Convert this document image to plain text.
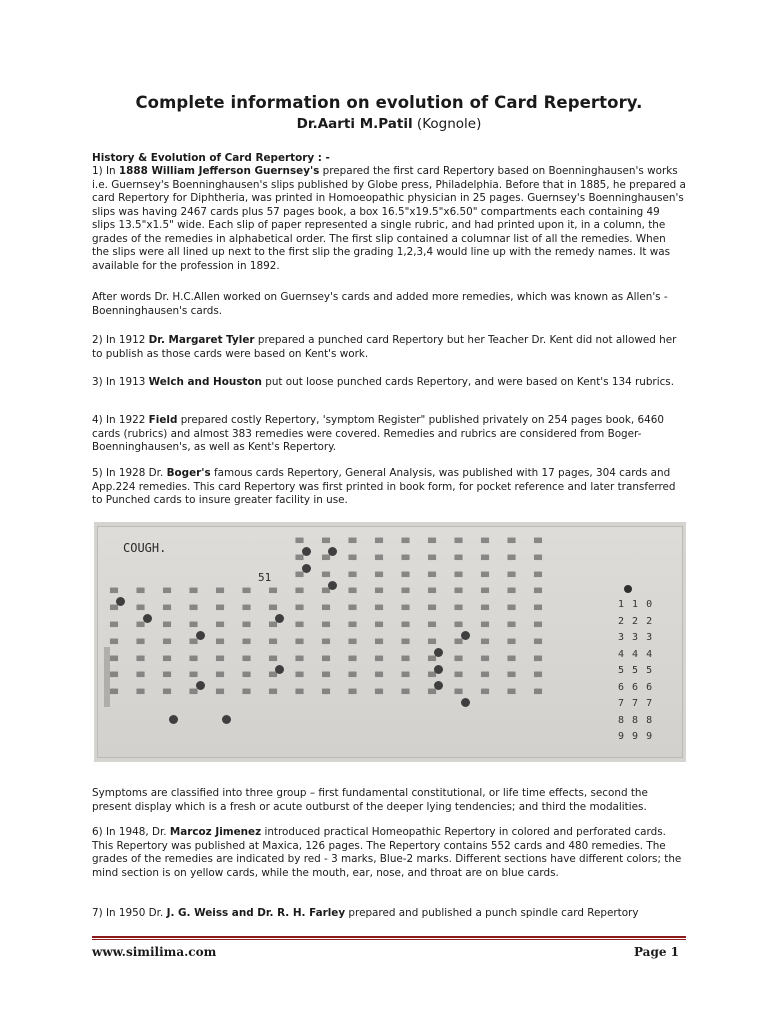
Complete information on evolution of Card Repertory.
Dr.Aarti M.Patil (Kognole)

History & Evolution of Card Repertory : -

1) In 1888 William Jefferson Guernsey's prepared the first card Repertory based on Boenninghausen's works i.e. Guernsey's Boenninghausen's slips published by Globe press, Philadelphia. Before that in 1885, he prepared a card Repertory for Diphtheria, was printed in Homoeopathic physician in 25 pages. Guernsey's Boenninghausen's slips was having 2467 cards plus 57 pages book, a box 16.5"x19.5"x6.50" compartments each containing 49 slips 13.5"x1.5" wide. Each slip of paper represented a single rubric, and had printed upon it, in a column, the grades of the remedies in alphabetical order. The first slip contained a columnar list of all the remedies. When the slips were all lined up next to the first slip the grading 1,2,3,4 would line up with the remedy names. It was available for the profession in 1892.

After words Dr. H.C.Allen worked on Guernsey's cards and added more remedies, which was known as Allen's - Boenninghausen's cards.

2) In 1912 Dr. Margaret Tyler prepared a punched card Repertory but her Teacher Dr. Kent did not allowed her to publish as those cards were based on Kent's work.

3) In 1913 Welch and Houston put out loose punched cards Repertory, and were based on Kent's 134 rubrics.

4) In 1922 Field prepared costly Repertory, 'symptom Register" published privately on 254 pages book, 6460 cards (rubrics) and almost 383 remedies were covered. Remedies and rubrics are considered from Boger-Boenninghausen's, as well as Kent's Repertory.

5) In 1928 Dr. Boger's famous cards Repertory, General Analysis, was published with 17 pages, 304 cards and App.224 remedies. This card Repertory was first printed in book form, for pocket reference and later transferred to Punched cards to insure greater facility in use.

COUGH.
51
████	████	████	████	████	████	████	████	████	████
████	████	████	████	████	████	████	████	████	████
████	████	████	████	████	████	████	████	████	████
████	████	████	████	████	████	████	████	████	████	████	████	████	████	████	████	████
████	████	████	████	████	████	████	████	████	████	████	████	████	████	████	████	████
████	████	████	████	████	████	████	████	████	████	████	████	████	████	████	████	████
████	████	████	████	████	████	████	████	████	████	████	████	████	████	████	████	████
████	████	████	████	████	████	████	████	████	████	████	████	████	████	████	████	████
████	████	████	████	████	████	████	████	████	████	████	████	████	████	████	████	████
████	████	████	████	████	████	████	████	████	████	████	████	████	████	████	████	████
1 1 0
2 2 2
3 3 3
4 4 4
5 5 5
6 6 6
7 7 7
8 8 8
9 9 9

Symptoms are classified into three group – first fundamental constitutional, or life time effects, second the present display which is a fresh or acute outburst of the deeper lying tendencies; and third the modalities.

6) In 1948, Dr. Marcoz Jimenez introduced practical Homeopathic Repertory in colored and perforated cards. This Repertory was published at Maxica, 126 pages. The Repertory contains 552 cards and 480 remedies. The grades of the remedies are indicated by red - 3 marks, Blue-2 marks. Different sections have different colors; the mind section is on yellow cards, while the mouth, ear, nose, and throat are on blue cards.

7) In 1950 Dr. J. G. Weiss and Dr. R. H. Farley prepared and published a punch spindle card Repertory

www.similima.com	Page 1
